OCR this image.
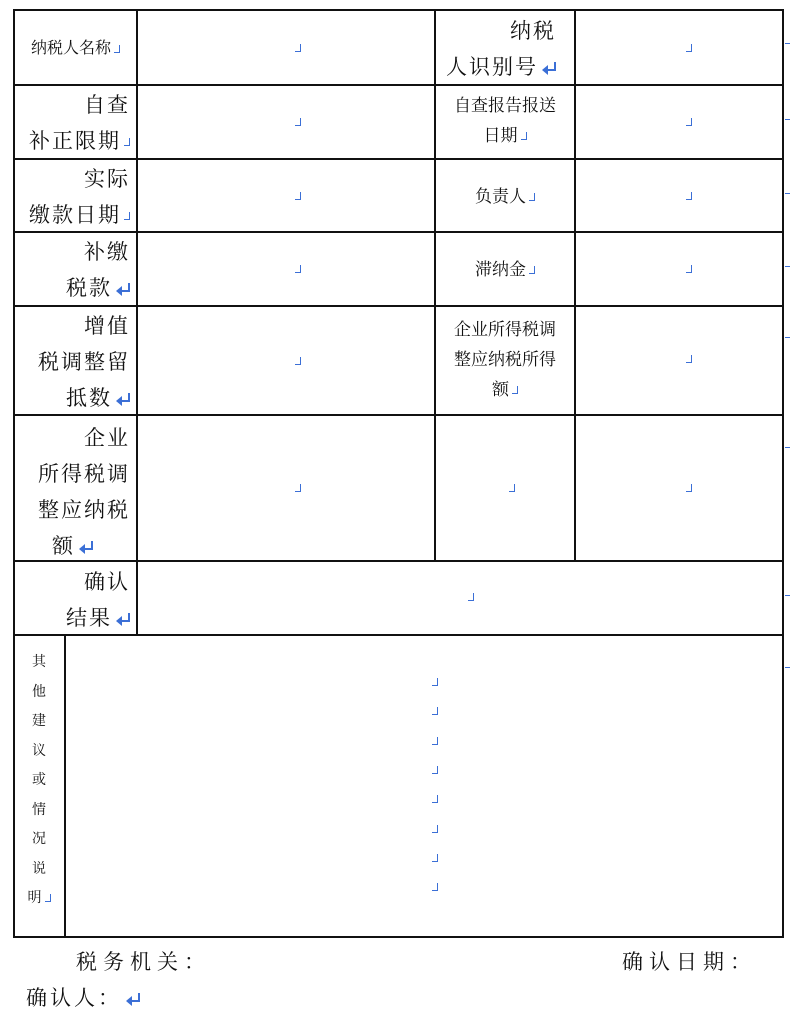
纳税人名称
纳税
人识别号
自查
补正限期
自查报告报送
日期
实际
缴款日期
负责人
补缴
税款
滞纳金
增值
税调整留
抵数
企业所得税调
整应纳税所得
额
企业
所得税调
整应纳税
额
确认
结果
其
他
建
议
或
情
况
说
明
税务机关：	确认日期：
确认人：
